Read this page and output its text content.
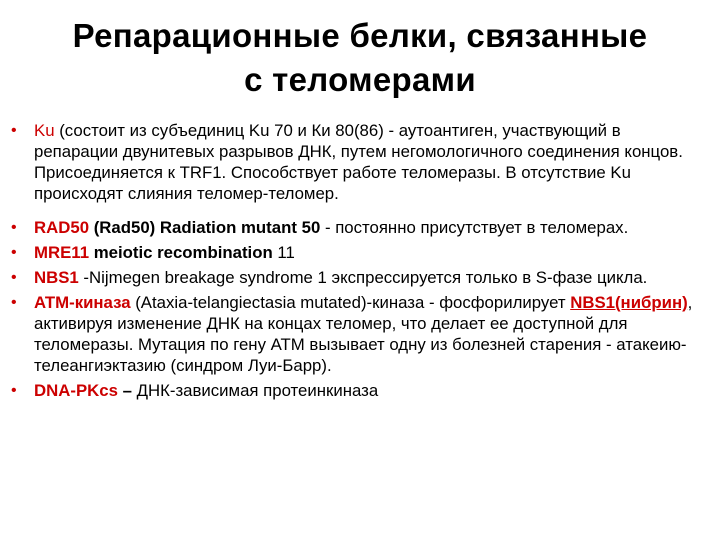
Репарационные белки, связанные
с теломерами
• Ku (состоит из субъединиц Ku 70 и Ки 80(86) - аутоантиген, участвующий в репарации двунитевых разрывов ДНК, путем негомологичного соединения концов. Присоединяется к TRF1. Способствует работе теломеразы. В отсутствие Ku происходят слияния теломер-теломер.
• RAD50 (Rad50) Radiation mutant 50 - постоянно присутствует в теломерах.
• MRE11 meiotic recombination 11
• NBS1 -Nijmegen breakage syndrome 1 экспрессируется только в S-фазе цикла.
• ATM-киназа (Ataxia-telangiectasia mutated)-киназа - фосфорилирует NBS1(нибрин), активируя изменение ДНК на концах теломер, что делает ее доступной для теломеразы. Мутация по гену АТМ вызывает одну из болезней старения - атакеию-телеангиэктазию (синдром Луи-Барр).
• DNA-PKcs – ДНК-зависимая протеинкиназа
